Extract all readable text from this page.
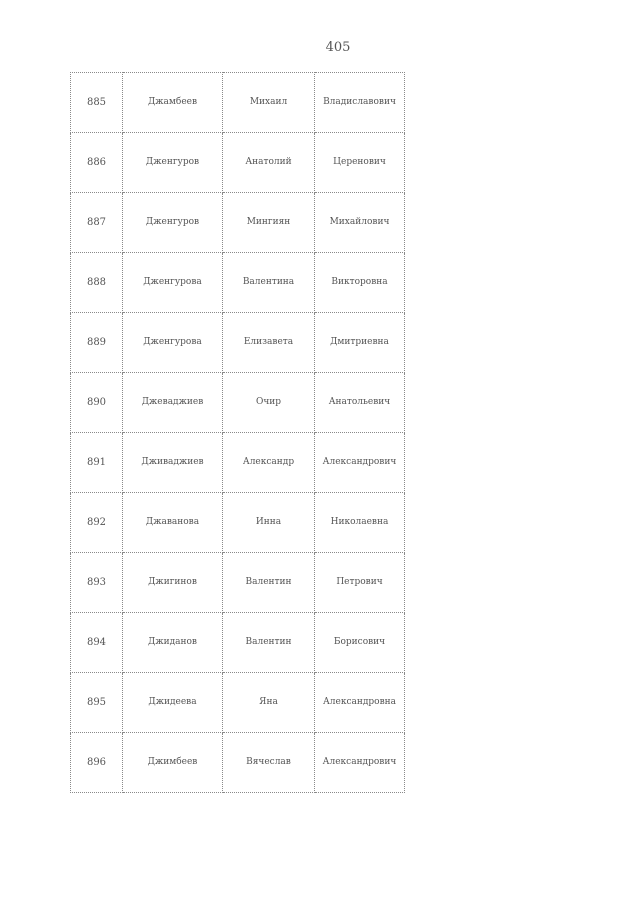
405
885	Джамбеев	Михаил	Владиславович
886	Дженгуров	Анатолий	Церенович
887	Дженгуров	Мингиян	Михайлович
888	Дженгурова	Валентина	Викторовна
889	Дженгурова	Елизавета	Дмитриевна
890	Джеваджиев	Очир	Анатольевич
891	Дживаджиев	Александр	Александрович
892	Джаванова	Инна	Николаевна
893	Джигинов	Валентин	Петрович
894	Джиданов	Валентин	Борисович
895	Джидеева	Яна	Александровна
896	Джимбеев	Вячеслав	Александрович
